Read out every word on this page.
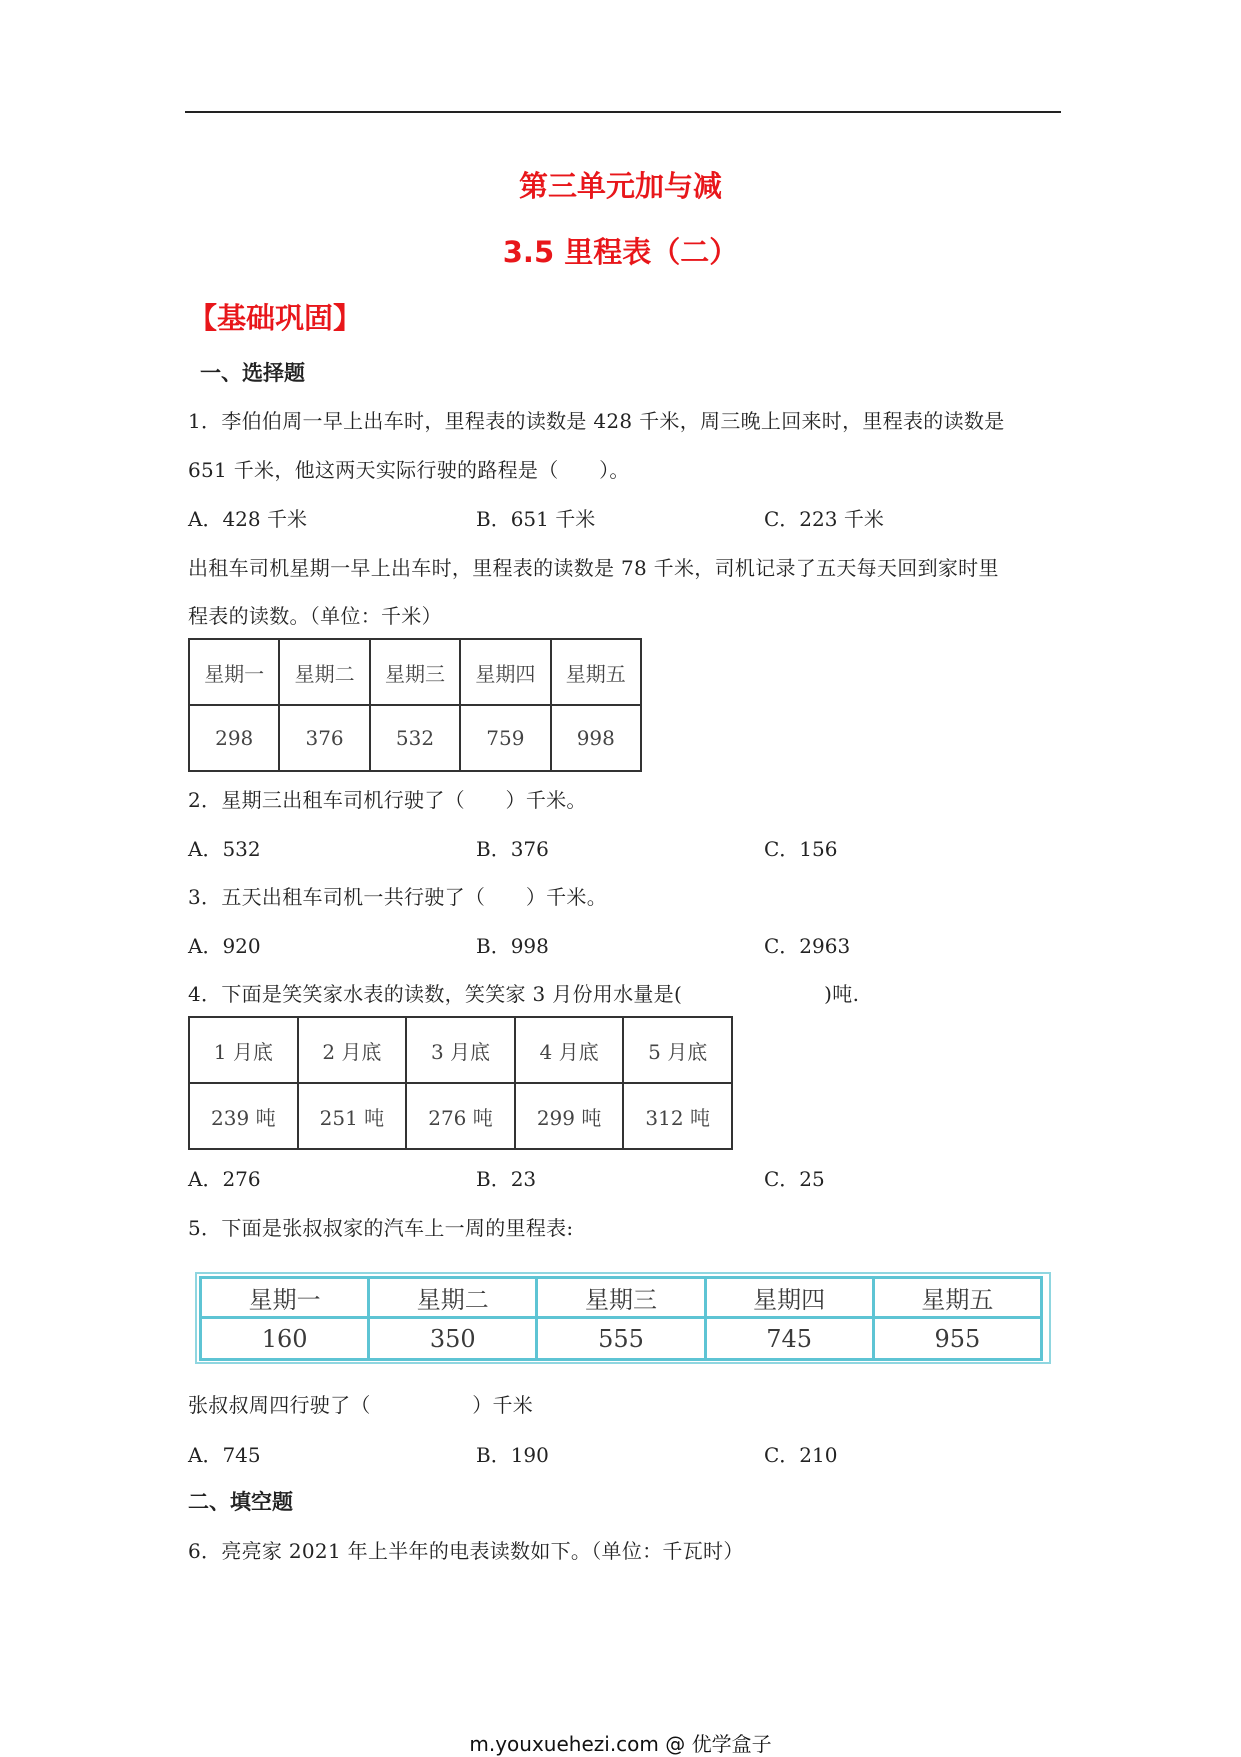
第三单元加与减
3.5 里程表（二）
【基础巩固】
一、选择题
1．李伯伯周一早上出车时，里程表的读数是 428 千米，周三晚上回来时，里程表的读数是
651 千米，他这两天实际行驶的路程是（　　）。
A．428 千米	B．651 千米	C．223 千米
出租车司机星期一早上出车时，里程表的读数是 78 千米，司机记录了五天每天回到家时里
程表的读数。（单位：千米）
星期一	星期二	星期三	星期四	星期五
298	376	532	759	998
2．星期三出租车司机行驶了（　　）千米。
A．532	B．376	C．156
3．五天出租车司机一共行驶了（　　）千米。
A．920	B．998	C．2963
4．下面是笑笑家水表的读数，笑笑家 3 月份用水量是(　　　　　　　)吨.
1 月底	2 月底	3 月底	4 月底	5 月底
239 吨	251 吨	276 吨	299 吨	312 吨
A．276	B．23	C．25
5．下面是张叔叔家的汽车上一周的里程表:
星期一	星期二	星期三	星期四	星期五
160	350	555	745	955
张叔叔周四行驶了（　　　　　）千米
A．745	B．190	C．210
二、填空题
6．亮亮家 2021 年上半年的电表读数如下。（单位：千瓦时）
m.youxuehezi.com @ 优学盒子
